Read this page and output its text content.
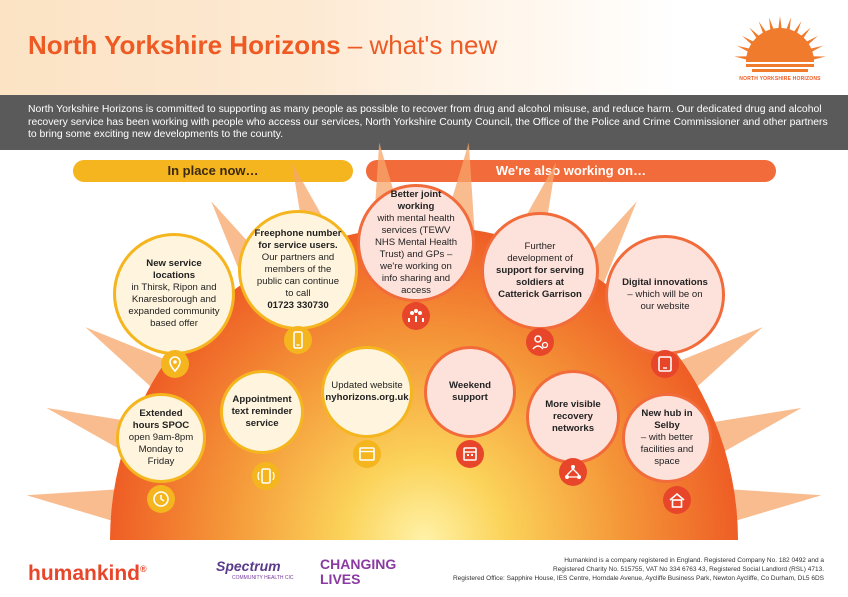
North Yorkshire Horizons – what's new
NORTH YORKSHIRE HORIZONS

North Yorkshire Horizons is committed to supporting as many people as possible to recover from drug and alcohol misuse, and reduce harm. Our dedicated drug and alcohol recovery service has been working with people who access our services, North Yorkshire County Council, the Office of the Police and Crime Commissioner and other partners to bring some exciting new developments to the county.

In place now…	We're also working on…
New service locations
in Thirsk, Ripon and Knaresborough and expanded community based offer
Freephone number for service users.
Our partners and members of the public can continue to call
01723 330730
Extended hours SPOC
open 9am-8pm Monday to Friday
Appointment text reminder service
Updated website
nyhorizons.org.uk
Better joint working
with mental health services (TEWV NHS Mental Health Trust) and GPs – we're working on info sharing and access
Further development of
support for serving soldiers at Catterick Garrison
Digital innovations
– which will be on our website
Weekend support
More visible recovery networks
New hub in Selby
– with better facilities and space
humankind®	Spectrum
COMMUNITY HEALTH CIC
CHANGING
LIVES
Humankind is a company registered in England. Registered Company No. 182 0492 and a
Registered Charity No. 515755, VAT No 334 6763 43, Registered Social Landlord (RSL) 4713.
Registered Office: Sapphire House, IES Centre, Horndale Avenue, Aycliffe Business Park, Newton Aycliffe, Co Durham, DL5 6DS
